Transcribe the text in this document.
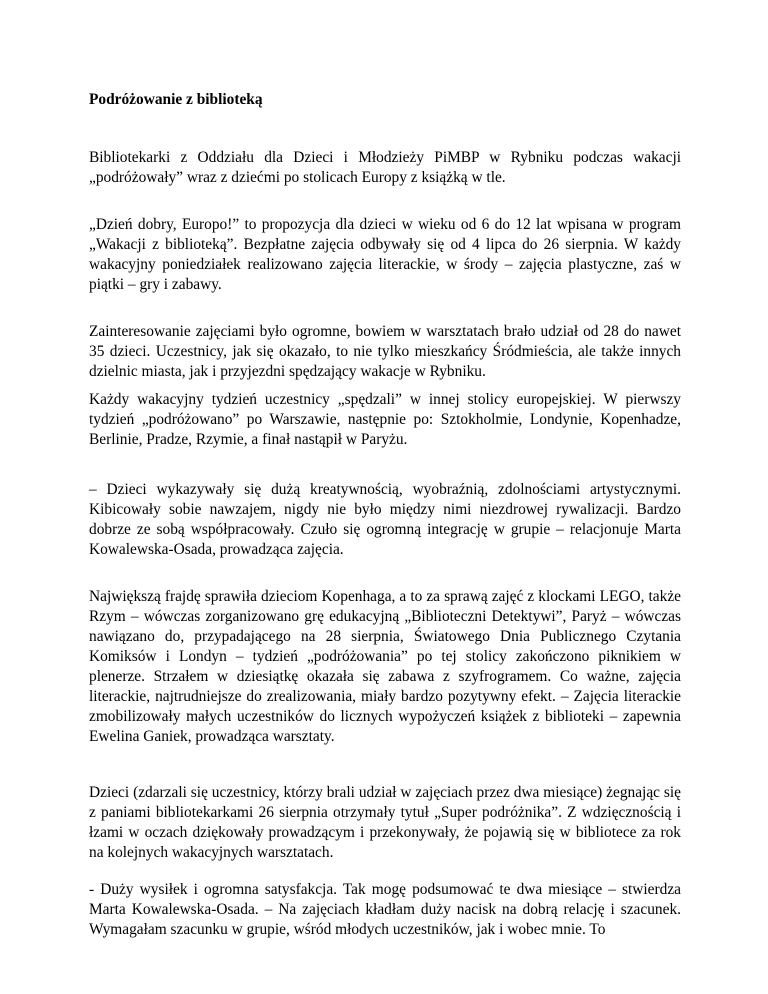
Podróżowanie z biblioteką

Bibliotekarki z Oddziału dla Dzieci i Młodzieży PiMBP w Rybniku podczas wakacji „podróżowały” wraz z dziećmi po stolicach Europy z książką w tle.

„Dzień dobry, Europo!” to propozycja dla dzieci w wieku od 6 do 12 lat wpisana w program „Wakacji z biblioteką”. Bezpłatne zajęcia odbywały się od 4 lipca do 26 sierpnia. W każdy wakacyjny poniedziałek realizowano zajęcia literackie, w środy – zajęcia plastyczne, zaś w piątki – gry i zabawy.

Zainteresowanie zajęciami było ogromne, bowiem w warsztatach brało udział od 28 do nawet 35 dzieci. Uczestnicy, jak się okazało, to nie tylko mieszkańcy Śródmieścia, ale także innych dzielnic miasta, jak i przyjezdni spędzający wakacje w Rybniku.

Każdy wakacyjny tydzień uczestnicy „spędzali” w innej stolicy europejskiej. W pierwszy tydzień „podróżowano” po Warszawie, następnie po: Sztokholmie, Londynie, Kopenhadze, Berlinie, Pradze, Rzymie, a finał nastąpił w Paryżu.

– Dzieci wykazywały się dużą kreatywnością, wyobraźnią, zdolnościami artystycznymi. Kibicowały sobie nawzajem, nigdy nie było między nimi niezdrowej rywalizacji. Bardzo dobrze ze sobą współpracowały. Czuło się ogromną integrację w grupie – relacjonuje Marta Kowalewska-Osada, prowadząca zajęcia.

Największą frajdę sprawiła dzieciom Kopenhaga, a to za sprawą zajęć z klockami LEGO, także Rzym – wówczas zorganizowano grę edukacyjną „Biblioteczni Detektywi”, Paryż – wówczas nawiązano do, przypadającego na 28 sierpnia, Światowego Dnia Publicznego Czytania Komiksów i Londyn – tydzień „podróżowania” po tej stolicy zakończono piknikiem w plenerze. Strzałem w dziesiątkę okazała się zabawa z szyfrogramem. Co ważne, zajęcia literackie, najtrudniejsze do zrealizowania, miały bardzo pozytywny efekt. – Zajęcia literackie zmobilizowały małych uczestników do licznych wypożyczeń książek z biblioteki – zapewnia Ewelina Ganiek, prowadząca warsztaty.

Dzieci (zdarzali się uczestnicy, którzy brali udział w zajęciach przez dwa miesiące) żegnając się z paniami bibliotekarkami 26 sierpnia otrzymały tytuł „Super podróżnika”. Z wdzięcznością i łzami w oczach dziękowały prowadzącym i przekonywały, że pojawią się w bibliotece za rok na kolejnych wakacyjnych warsztatach.

- Duży wysiłek i ogromna satysfakcja. Tak mogę podsumować te dwa miesiące – stwierdza Marta Kowalewska-Osada. – Na zajęciach kładłam duży nacisk na dobrą relację i szacunek. Wymagałam szacunku w grupie, wśród młodych uczestników, jak i wobec mnie. To
